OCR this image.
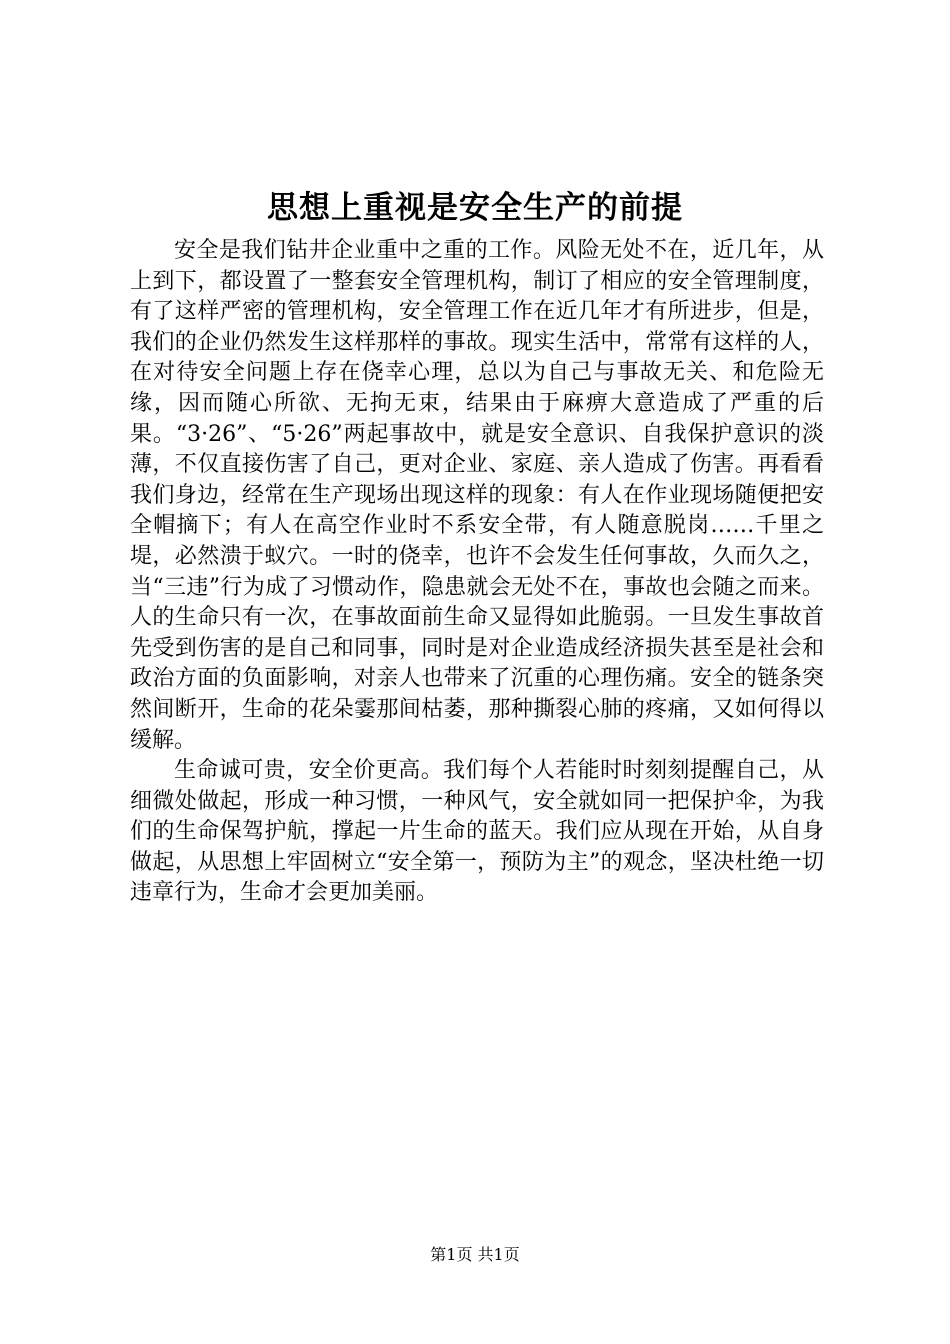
思想上重视是安全生产的前提

安全是我们钻井企业重中之重的工作。风险无处不在，近几年，从上到下，都设置了一整套安全管理机构，制订了相应的安全管理制度，有了这样严密的管理机构，安全管理工作在近几年才有所进步，但是，我们的企业仍然发生这样那样的事故。现实生活中，常常有这样的人，在对待安全问题上存在侥幸心理，总以为自己与事故无关、和危险无缘，因而随心所欲、无拘无束，结果由于麻痹大意造成了严重的后果。“3·26”、“5·26”两起事故中，就是安全意识、自我保护意识的淡薄，不仅直接伤害了自己，更对企业、家庭、亲人造成了伤害。再看看我们身边，经常在生产现场出现这样的现象：有人在作业现场随便把安全帽摘下；有人在高空作业时不系安全带，有人随意脱岗……千里之堤，必然溃于蚁穴。一时的侥幸，也许不会发生任何事故，久而久之，当“三违”行为成了习惯动作，隐患就会无处不在，事故也会随之而来。人的生命只有一次，在事故面前生命又显得如此脆弱。一旦发生事故首先受到伤害的是自己和同事，同时是对企业造成经济损失甚至是社会和政治方面的负面影响，对亲人也带来了沉重的心理伤痛。安全的链条突然间断开，生命的花朵霎那间枯萎，那种撕裂心肺的疼痛，又如何得以缓解。

生命诚可贵，安全价更高。我们每个人若能时时刻刻提醒自己，从细微处做起，形成一种习惯，一种风气，安全就如同一把保护伞，为我们的生命保驾护航，撑起一片生命的蓝天。我们应从现在开始，从自身做起，从思想上牢固树立“安全第一，预防为主”的观念，坚决杜绝一切违章行为，生命才会更加美丽。

第1页 共1页
